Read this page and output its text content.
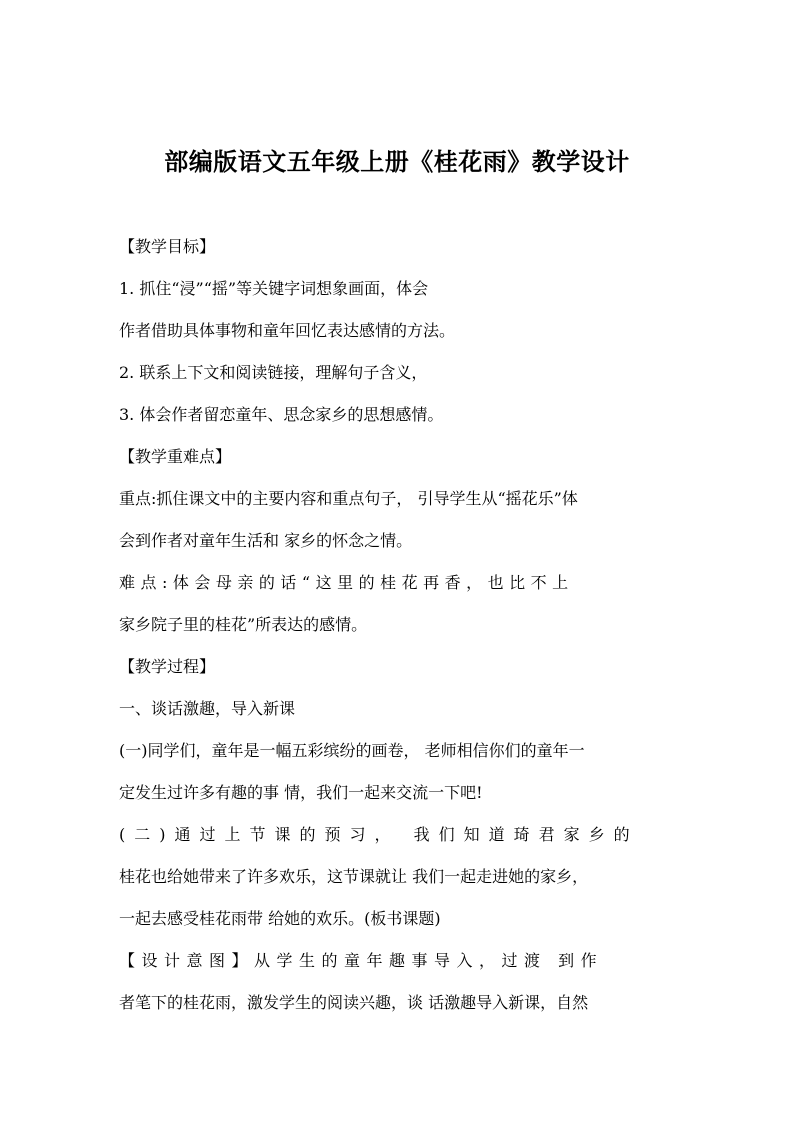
部编版语文五年级上册《桂花雨》教学设计
【教学目标】
1. 抓住“浸”“摇”等关键字词想象画面，体会
作者借助具体事物和童年回忆表达感情的方法。
2. 联系上下文和阅读链接，理解句子含义，
3. 体会作者留恋童年、思念家乡的思想感情。
【教学重难点】
重点:抓住课文中的主要内容和重点句子， 引导学生从“摇花乐”体
会到作者对童年生活和 家乡的怀念之情。
难点:体会母亲的话“这里的桂花再香，也比不上
家乡院子里的桂花”所表达的感情。
【教学过程】
一、谈话激趣，导入新课
(一)同学们，童年是一幅五彩缤纷的画卷， 老师相信你们的童年一
定发生过许多有趣的事 情，我们一起来交流一下吧!
(二)通过上节课的预习， 我们知道琦君家乡的
桂花也给她带来了许多欢乐，这节课就让 我们一起走进她的家乡，
一起去感受桂花雨带 给她的欢乐。(板书课题)
【设计意图】从学生的童年趣事导入，过渡 到作
者笔下的桂花雨，激发学生的阅读兴趣，谈 话激趣导入新课，自然
